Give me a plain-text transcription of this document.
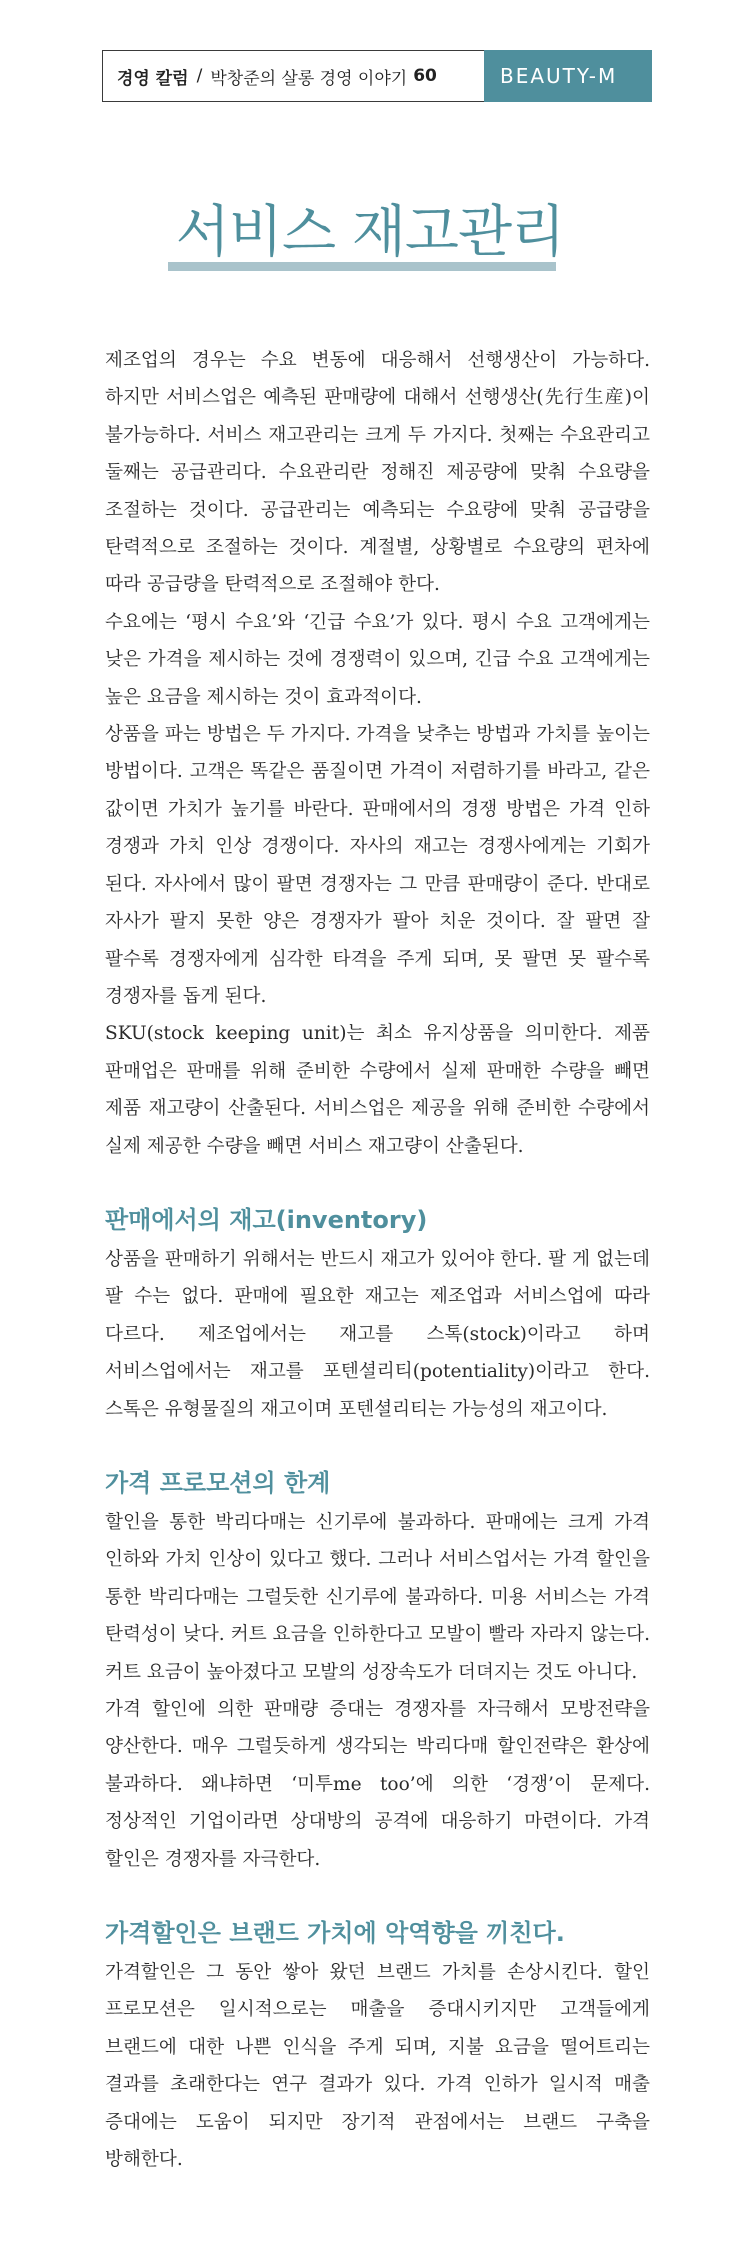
경영 칼럼 / 박창준의 살롱 경영 이야기 60	BEAUTY-M
서비스 재고관리

제조업의 경우는 수요 변동에 대응해서 선행생산이 가능하다. 하지만 서비스업은 예측된 판매량에 대해서 선행생산(先行生産)이 불가능하다. 서비스 재고관리는 크게 두 가지다. 첫째는 수요관리고 둘째는 공급관리다. 수요관리란 정해진 제공량에 맞춰 수요량을 조절하는 것이다. 공급관리는 예측되는 수요량에 맞춰 공급량을 탄력적으로 조절하는 것이다. 계절별, 상황별로 수요량의 편차에 따라 공급량을 탄력적으로 조절해야 한다.

수요에는 ‘평시 수요’와 ‘긴급 수요’가 있다. 평시 수요 고객에게는 낮은 가격을 제시하는 것에 경쟁력이 있으며, 긴급 수요 고객에게는 높은 요금을 제시하는 것이 효과적이다.

상품을 파는 방법은 두 가지다. 가격을 낮추는 방법과 가치를 높이는 방법이다. 고객은 똑같은 품질이면 가격이 저렴하기를 바라고, 같은 값이면 가치가 높기를 바란다. 판매에서의 경쟁 방법은 가격 인하 경쟁과 가치 인상 경쟁이다. 자사의 재고는 경쟁사에게는 기회가 된다. 자사에서 많이 팔면 경쟁자는 그 만큼 판매량이 준다. 반대로 자사가 팔지 못한 양은 경쟁자가 팔아 치운 것이다. 잘 팔면 잘 팔수록 경쟁자에게 심각한 타격을 주게 되며, 못 팔면 못 팔수록 경쟁자를 돕게 된다.

SKU(stock keeping unit)는 최소 유지상품을 의미한다. 제품 판매업은 판매를 위해 준비한 수량에서 실제 판매한 수량을 빼면 제품 재고량이 산출된다. 서비스업은 제공을 위해 준비한 수량에서 실제 제공한 수량을 빼면 서비스 재고량이 산출된다.

판매에서의 재고(inventory)

상품을 판매하기 위해서는 반드시 재고가 있어야 한다. 팔 게 없는데 팔 수는 없다. 판매에 필요한 재고는 제조업과 서비스업에 따라 다르다. 제조업에서는 재고를 스톡(stock)이라고 하며 서비스업에서는 재고를 포텐셜리티(potentiality)이라고 한다. 스톡은 유형물질의 재고이며 포텐셜리티는 가능성의 재고이다.

가격 프로모션의 한계

할인을 통한 박리다매는 신기루에 불과하다. 판매에는 크게 가격 인하와 가치 인상이 있다고 했다. 그러나 서비스업서는 가격 할인을 통한 박리다매는 그럴듯한 신기루에 불과하다. 미용 서비스는 가격 탄력성이 낮다. 커트 요금을 인하한다고 모발이 빨라 자라지 않는다. 커트 요금이 높아졌다고 모발의 성장속도가 더뎌지는 것도 아니다.

가격 할인에 의한 판매량 증대는 경쟁자를 자극해서 모방전략을 양산한다. 매우 그럴듯하게 생각되는 박리다매 할인전략은 환상에 불과하다. 왜냐하면 ‘미투me too’에 의한 ‘경쟁’이 문제다. 정상적인 기업이라면 상대방의 공격에 대응하기 마련이다. 가격 할인은 경쟁자를 자극한다.

가격할인은 브랜드 가치에 악역향을 끼친다.

가격할인은 그 동안 쌓아 왔던 브랜드 가치를 손상시킨다. 할인 프로모션은 일시적으로는 매출을 증대시키지만 고객들에게 브랜드에 대한 나쁜 인식을 주게 되며, 지불 요금을 떨어트리는 결과를 초래한다는 연구 결과가 있다. 가격 인하가 일시적 매출 증대에는 도움이 되지만 장기적 관점에서는 브랜드 구축을 방해한다.
